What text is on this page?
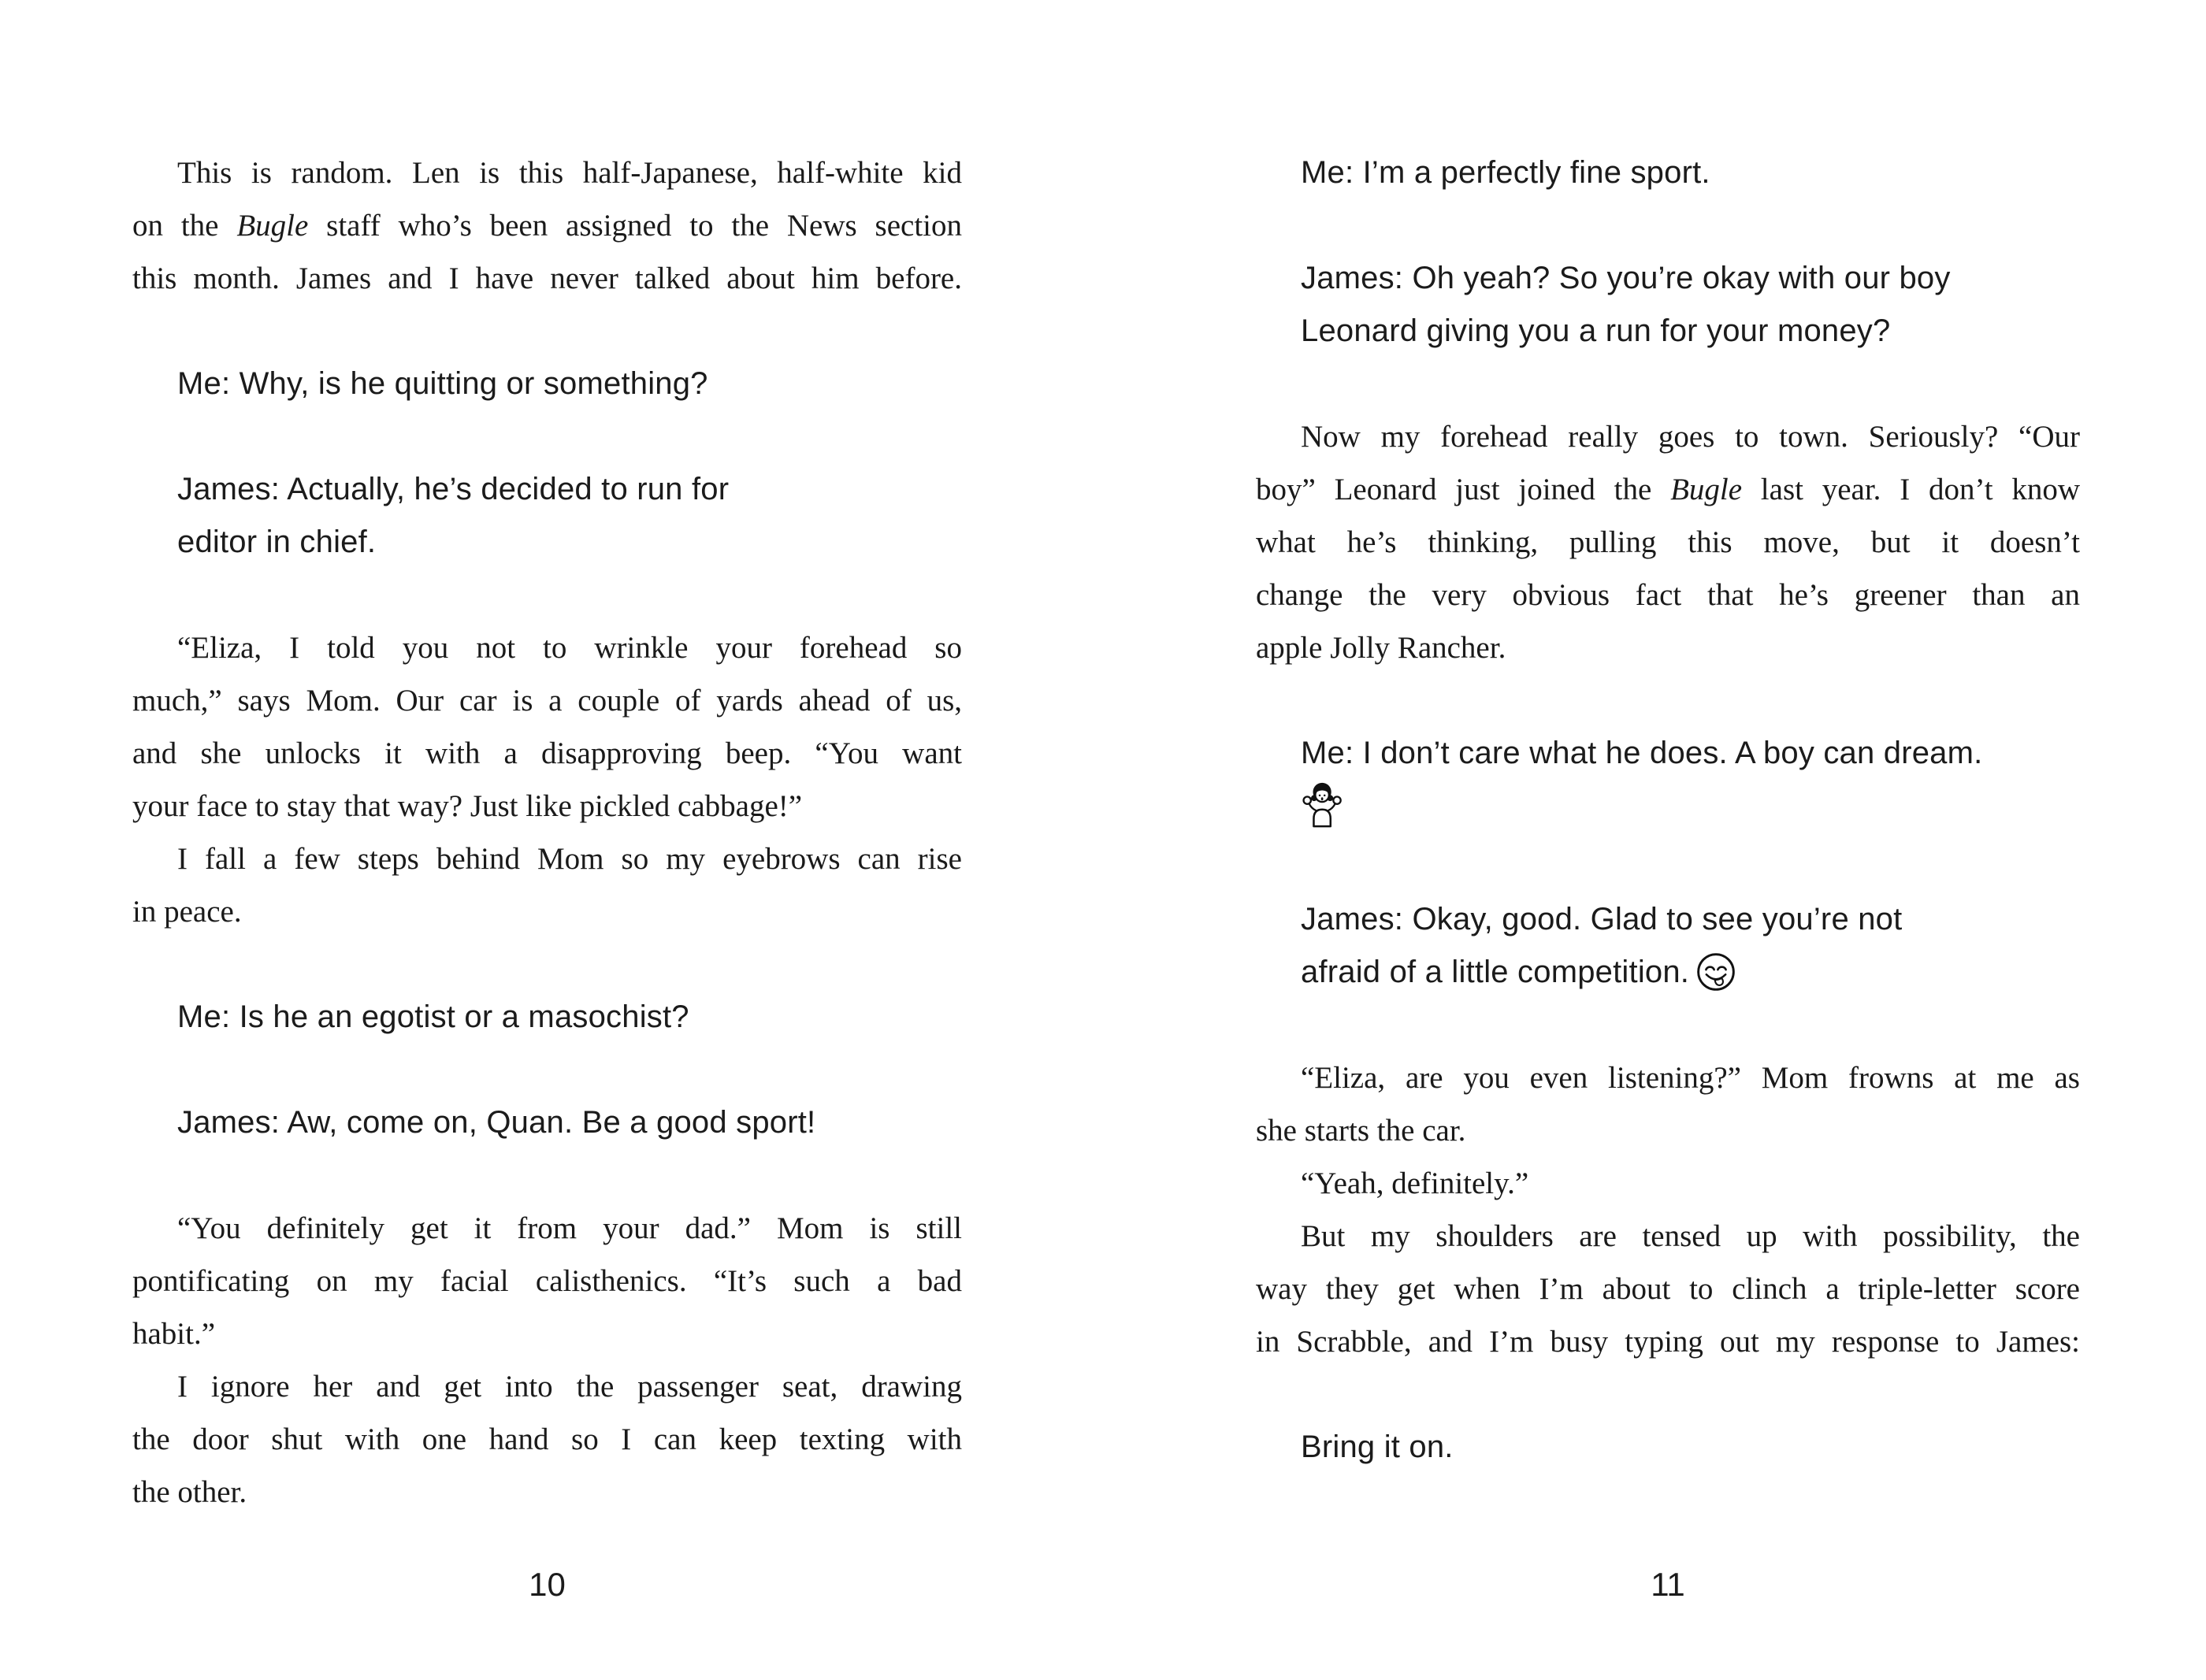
This is random. Len is this half-Japanese, half-white kid
on the Bugle staff who’s been assigned to the News section
this month. James and I have never talked about him before.
Me: Why, is he quitting or something?
James: Actually, he’s decided to run for
editor in chief.
“Eliza, I told you not to wrinkle your forehead so
much,” says Mom. Our car is a couple of yards ahead of us,
and she unlocks it with a disapproving beep. “You want
your face to stay that way? Just like pickled cabbage!”
I fall a few steps behind Mom so my eyebrows can rise
in peace.
Me: Is he an egotist or a masochist?
James: Aw, come on, Quan. Be a good sport!
“You definitely get it from your dad.” Mom is still
pontificating on my facial calisthenics. “It’s such a bad
habit.”
I ignore her and get into the passenger seat, drawing
the door shut with one hand so I can keep texting with
the other.
10
Me: I’m a perfectly fine sport.
James: Oh yeah? So you’re okay with our boy
Leonard giving you a run for your money?
Now my forehead really goes to town. Seriously? “Our
boy” Leonard just joined the Bugle last year. I don’t know
what he’s thinking, pulling this move, but it doesn’t
change the very obvious fact that he’s greener than an
apple Jolly Rancher.
Me: I don’t care what he does. A boy can dream.
James: Okay, good. Glad to see you’re not
afraid of a little competition.
“Eliza, are you even listening?” Mom frowns at me as
she starts the car.
“Yeah, definitely.”
But my shoulders are tensed up with possibility, the
way they get when I’m about to clinch a triple-letter score
in Scrabble, and I’m busy typing out my response to James:
Bring it on.
11
